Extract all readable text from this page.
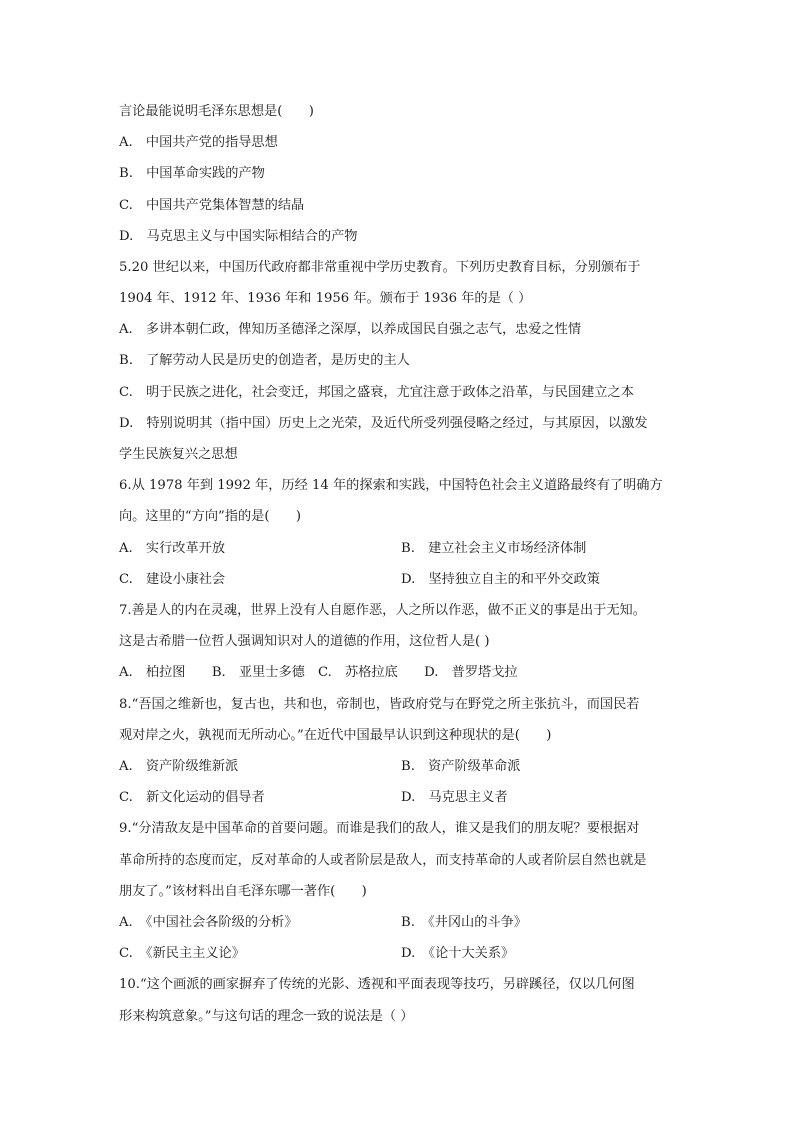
言论最能说明毛泽东思想是(　　)
A.　中国共产党的指导思想
B.　中国革命实践的产物
C.　中国共产党集体智慧的结晶
D.　马克思主义与中国实际相结合的产物
5.20 世纪以来，中国历代政府都非常重视中学历史教育。下列历史教育目标，分别颁布于
1904 年、1912 年、1936 年和 1956 年。颁布于 1936 年的是（ ）
A.　多讲本朝仁政，俾知历圣德泽之深厚，以养成国民自强之志气，忠爱之性情
B.　了解劳动人民是历史的创造者，是历史的主人
C.　明于民族之进化，社会变迁，邦国之盛衰，尤宜注意于政体之沿革，与民国建立之本
D.　特别说明其（指中国）历史上之光荣，及近代所受列强侵略之经过，与其原因，以激发
学生民族复兴之思想
6.从 1978 年到 1992 年，历经 14 年的探索和实践，中国特色社会主义道路最终有了明确方
向。这里的“方向”指的是(　　)
A.　实行改革开放	B.　建立社会主义市场经济体制
C.　建设小康社会	D.　坚持独立自主的和平外交政策
7.善是人的内在灵魂，世界上没有人自愿作恶，人之所以作恶，做不正义的事是出于无知。
这是古希腊一位哲人强调知识对人的道德的作用，这位哲人是( )
A.　柏拉图　　B.　亚里士多德　C.　苏格拉底　　D.　普罗塔戈拉
8.“吾国之维新也，复古也，共和也，帝制也，皆政府党与在野党之所主张抗斗，而国民若
观对岸之火，孰视而无所动心。”在近代中国最早认识到这种现状的是(　　)
A.　资产阶级维新派	B.　资产阶级革命派
C.　新文化运动的倡导者	D.　马克思主义者
9.“分清敌友是中国革命的首要问题。而谁是我们的敌人，谁又是我们的朋友呢？要根据对
革命所持的态度而定，反对革命的人或者阶层是敌人，而支持革命的人或者阶层自然也就是
朋友了。”该材料出自毛泽东哪一著作(　　)
A.　《中国社会各阶级的分析》	B.　《井冈山的斗争》
C.　《新民主主义论》	D.　《论十大关系》
10.“这个画派的画家摒弃了传统的光影、透视和平面表现等技巧，另辟蹊径，仅以几何图
形来构筑意象。”与这句话的理念一致的说法是（ ）
